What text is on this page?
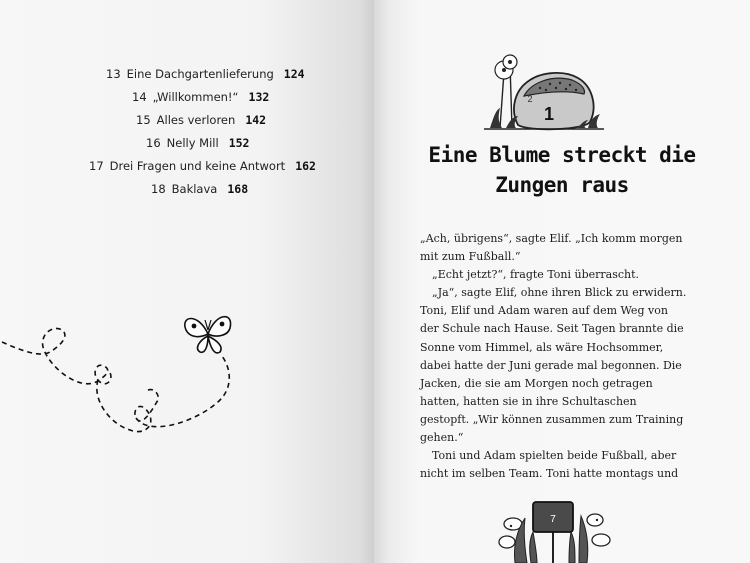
13 Eine Dachgartenlieferung 124
14 „Willkommen!“ 132
15 Alles verloren 142
16 Nelly Mill 152
17 Drei Fragen und keine Antwort 162
18 Baklava 168
1
2
Eine Blume streckt die
Zungen raus

„Ach, übrigens“, sagte Elif. „Ich komm morgen mit zum Fußball.“

„Echt jetzt?“, fragte Toni überrascht.

„Ja“, sagte Elif, ohne ihren Blick zu erwidern. Toni, Elif und Adam waren auf dem Weg von der Schule nach Hause. Seit Tagen brannte die Sonne vom Himmel, als wäre Hochsommer, dabei hatte der Juni gerade mal begonnen. Die Jacken, die sie am Morgen noch getragen hatten, hatten sie in ihre Schultaschen gestopft. „Wir können zusammen zum Training gehen.“

Toni und Adam spielten beide Fußball, aber nicht im selben Team. Toni hatte montags und

7
